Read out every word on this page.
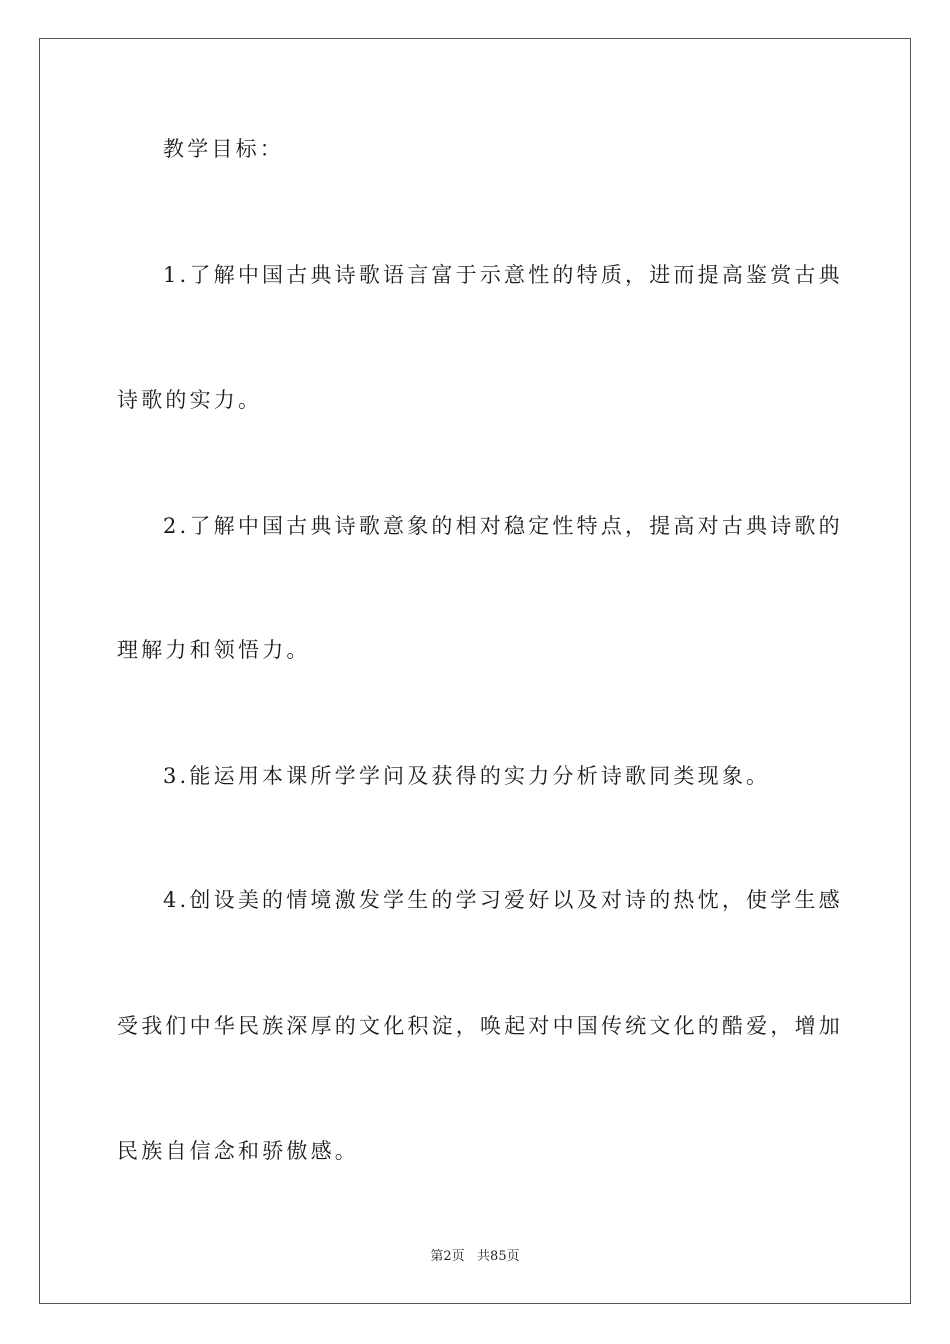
教学目标：
1.了解中国古典诗歌语言富于示意性的特质，进而提高鉴赏古典
诗歌的实力。
2.了解中国古典诗歌意象的相对稳定性特点，提高对古典诗歌的
理解力和领悟力。
3.能运用本课所学学问及获得的实力分析诗歌同类现象。
4.创设美的情境激发学生的学习爱好以及对诗的热忱，使学生感
受我们中华民族深厚的文化积淀，唤起对中国传统文化的酷爱，增加
民族自信念和骄傲感。
第2页   共85页
